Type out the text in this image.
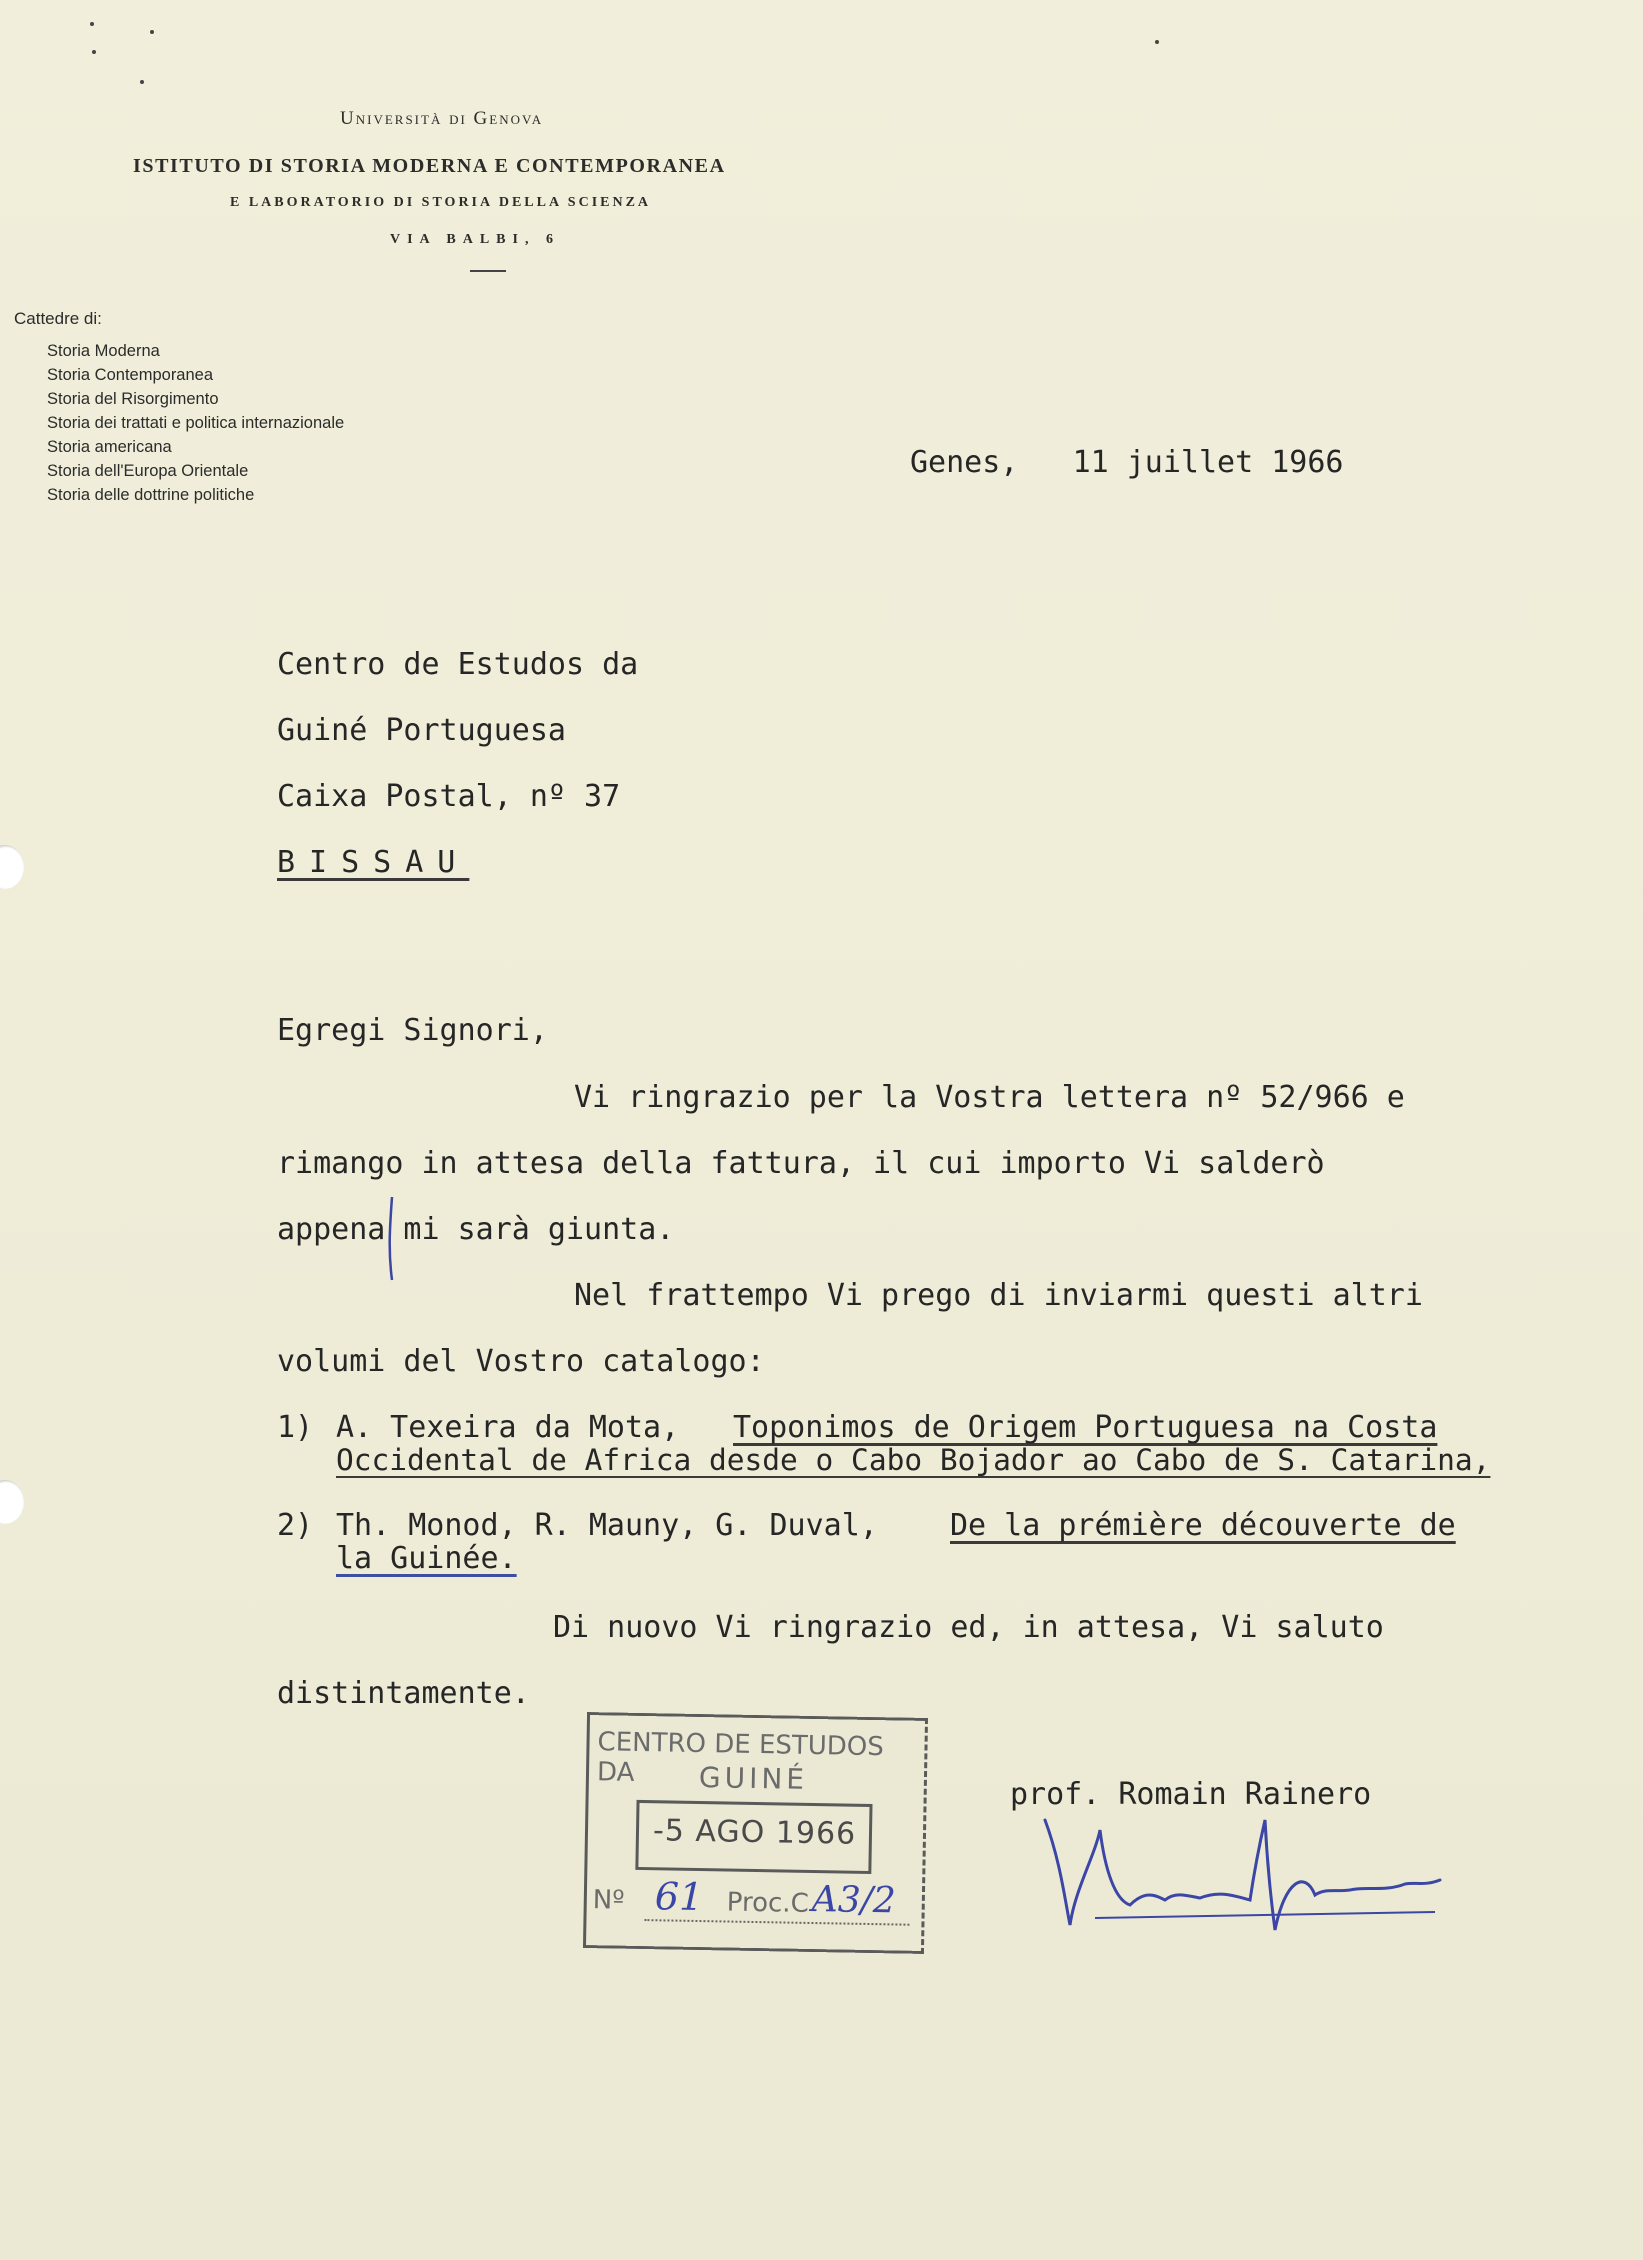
Università di Genova
ISTITUTO DI STORIA MODERNA E CONTEMPORANEA
E LABORATORIO DI STORIA DELLA SCIENZA
VIA BALBI, 6
Cattedre di:
Storia Moderna
Storia Contemporanea
Storia del Risorgimento
Storia dei trattati e politica internazionale
Storia americana
Storia dell'Europa Orientale
Storia delle dottrine politiche
Genes, 11 juillet 1966
Centro de Estudos da
Guiné Portuguesa
Caixa Postal, nº 37
BISSAU
Egregi Signori,
Vi ringrazio per la Vostra lettera nº 52/966 e
rimango in attesa della fattura, il cui importo Vi salderò
appena mi sarà giunta.
Nel frattempo Vi prego di inviarmi questi altri
volumi del Vostro catalogo:
1) A. Texeira da Mota, Toponimos de Origem Portuguesa na Costa
Occidental de Africa desde o Cabo Bojador ao Cabo de S. Catarina,
2) Th. Monod, R. Mauny, G. Duval, De la prémière découverte de
la Guinée.
Di nuovo Vi ringrazio ed, in attesa, Vi saluto
distintamente.
prof. Romain Rainero
CENTRO DE ESTUDOS DA	GUINÉ
-5 AGO 1966
Nº 61 Proc.C A3/2
